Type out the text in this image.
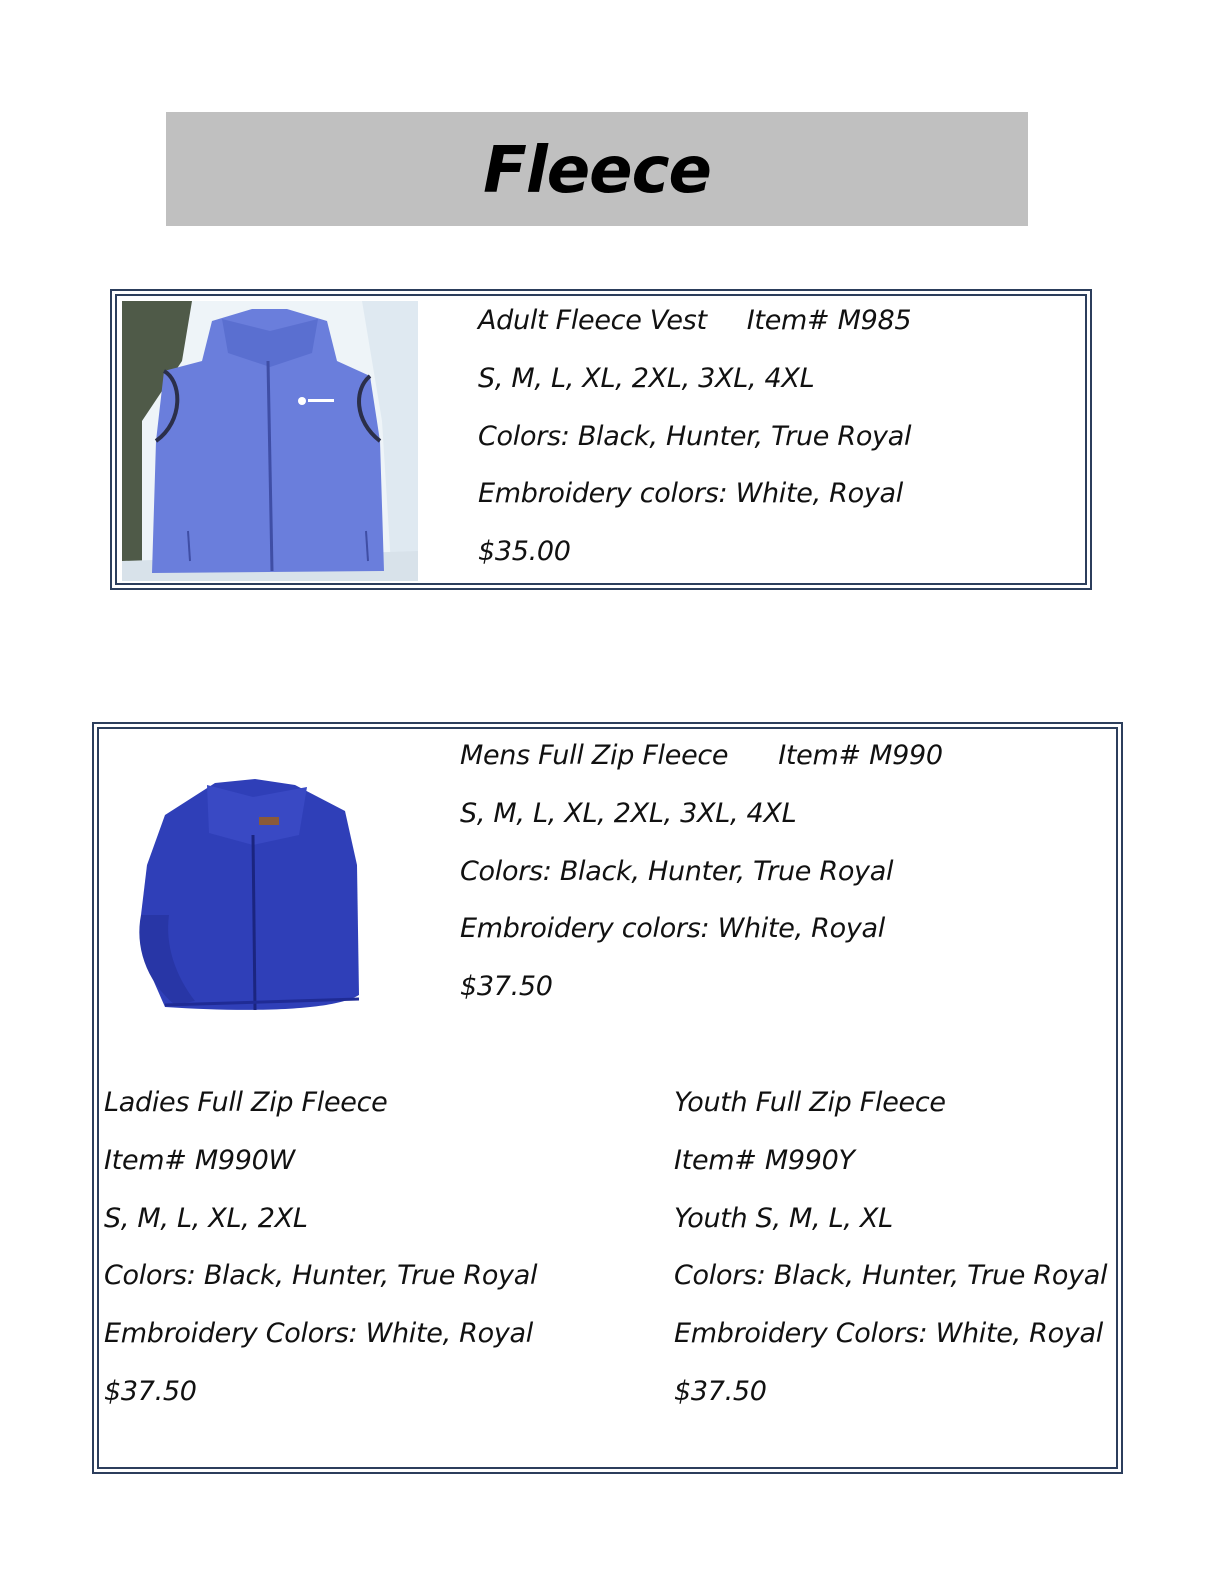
Fleece
Adult Fleece Vest Item# M985
S, M, L, XL, 2XL, 3XL, 4XL
Colors: Black, Hunter, True Royal
Embroidery colors: White, Royal
$35.00
Mens Full Zip Fleece Item# M990
S, M, L, XL, 2XL, 3XL, 4XL
Colors: Black, Hunter, True Royal
Embroidery colors: White, Royal
$37.50
Ladies Full Zip Fleece
Item# M990W
S, M, L, XL, 2XL
Colors: Black, Hunter, True Royal
Embroidery Colors: White, Royal
$37.50
Youth Full Zip Fleece
Item# M990Y
Youth S, M, L, XL
Colors: Black, Hunter, True Royal
Embroidery Colors: White, Royal
$37.50
